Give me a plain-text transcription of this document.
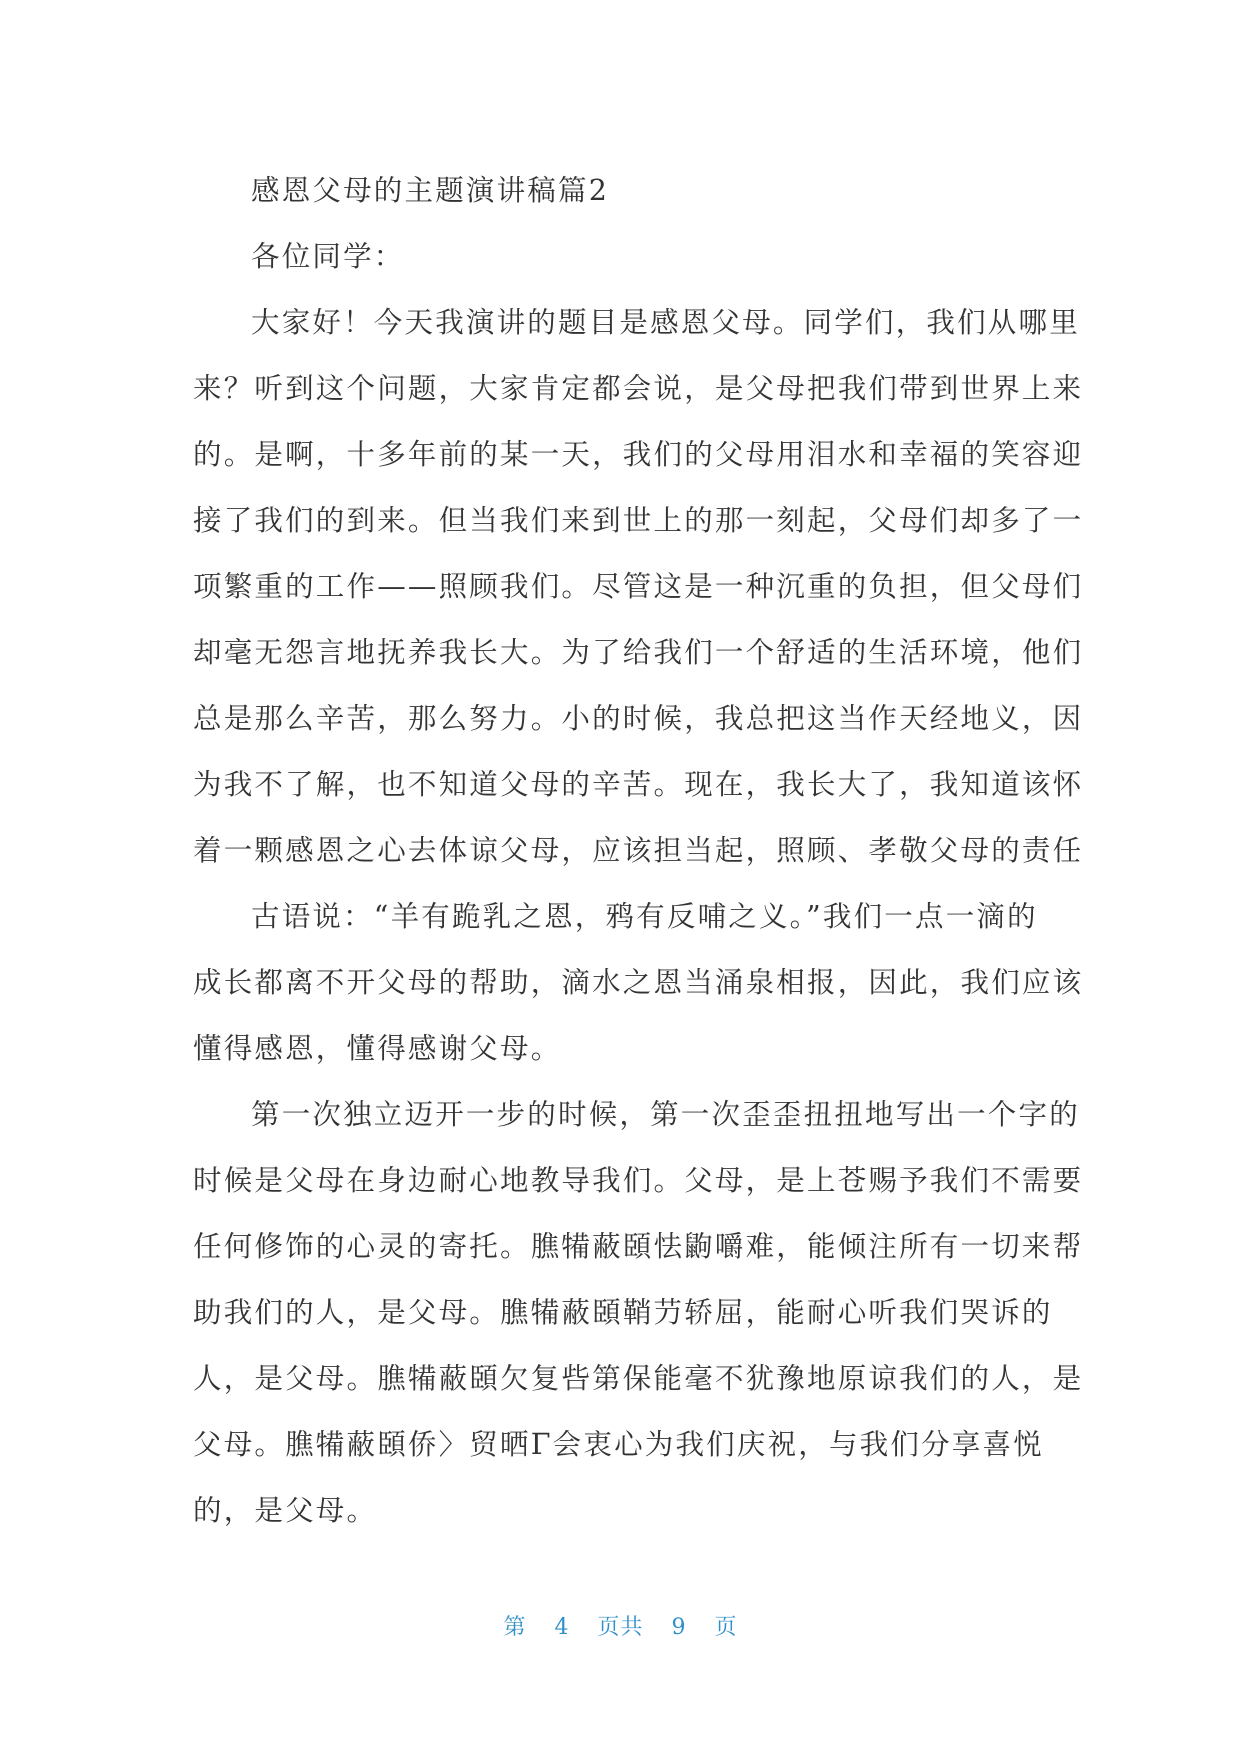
感恩父母的主题演讲稿篇2
各位同学：
大家好！今天我演讲的题目是感恩父母。同学们，我们从哪里
来？听到这个问题，大家肯定都会说，是父母把我们带到世界上来
的。是啊，十多年前的某一天，我们的父母用泪水和幸福的笑容迎
接了我们的到来。但当我们来到世上的那一刻起，父母们却多了一
项繁重的工作——照顾我们。尽管这是一种沉重的负担，但父母们
却毫无怨言地抚养我长大。为了给我们一个舒适的生活环境，他们
总是那么辛苦，那么努力。小的时候，我总把这当作天经地义，因
为我不了解，也不知道父母的辛苦。现在，我长大了，我知道该怀
着一颗感恩之心去体谅父母，应该担当起，照顾、孝敬父母的责任
古语说：“羊有跪乳之恩，鸦有反哺之义。”我们一点一滴的
成长都离不开父母的帮助，滴水之恩当涌泉相报，因此，我们应该
懂得感恩，懂得感谢父母。
第一次独立迈开一步的时候，第一次歪歪扭扭地写出一个字的
时候是父母在身边耐心地教导我们。父母，是上苍赐予我们不需要
任何修饰的心灵的寄托。膲犕蔽頣怯鼩嚼难，能倾注所有一切来帮
助我们的人，是父母。膲犕蔽頣鞘芀轿屈，能耐心听我们哭诉的
人，是父母。膲犕蔽頣欠复呰第保能毫不犹豫地原谅我们的人，是
父母。膲犕蔽頣侨〉贸晒Γ会衷心为我们庆祝，与我们分享喜悦
的，是父母。
第 4 页共 9 页
